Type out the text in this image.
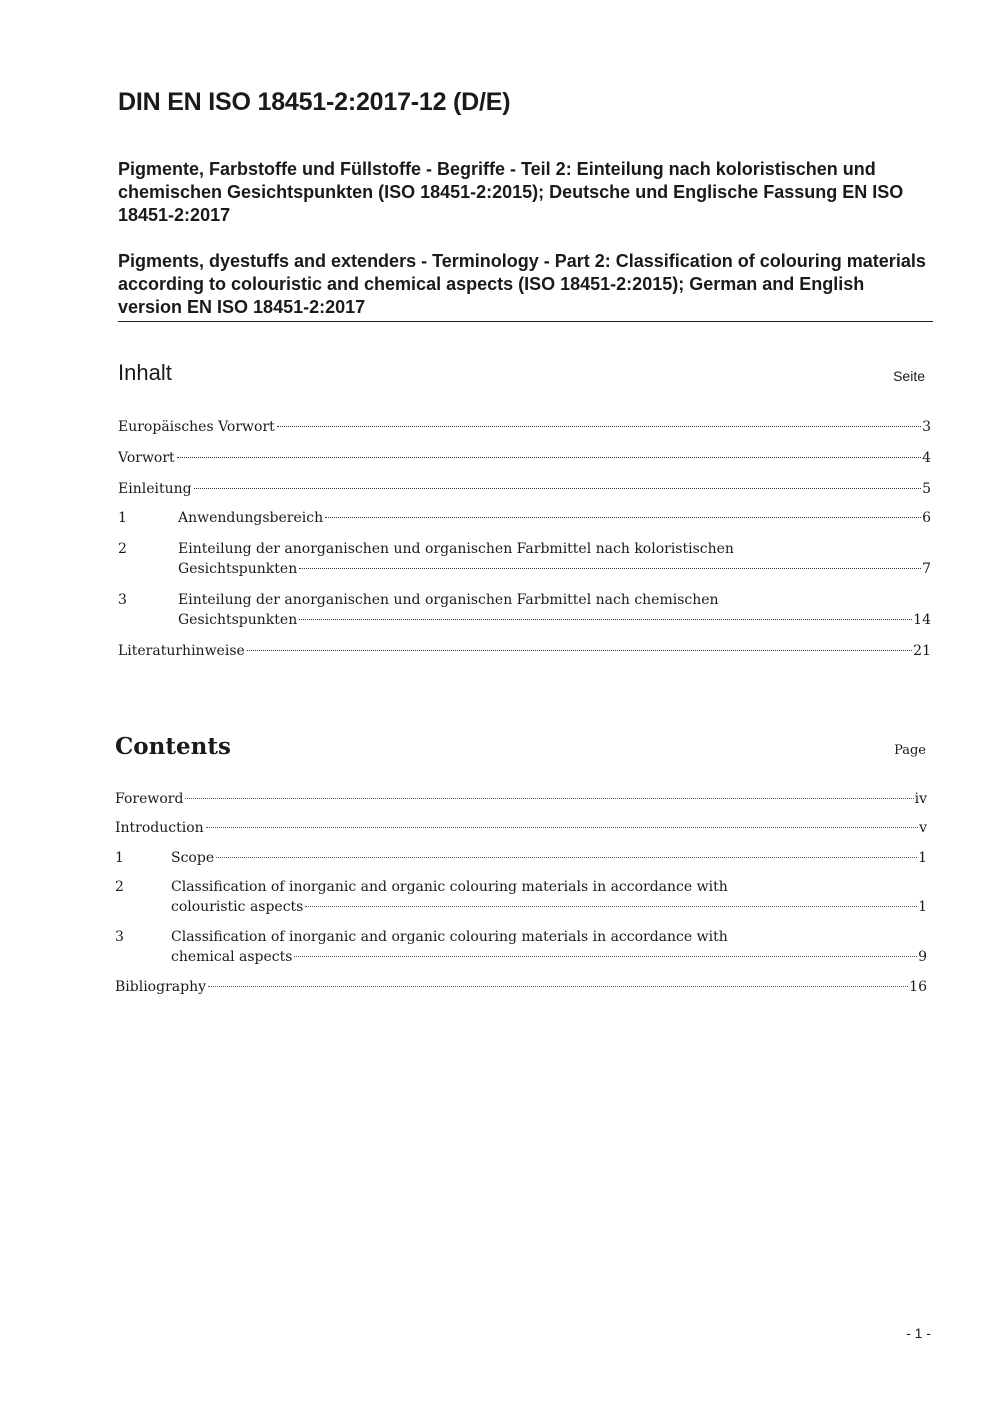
DIN EN ISO 18451-2:2017-12 (D/E)

Pigmente, Farbstoffe und Füllstoffe - Begriffe - Teil 2: Einteilung nach koloristischen und chemischen Gesichtspunkten (ISO 18451-2:2015); Deutsche und Englische Fassung EN ISO 18451-2:2017

Pigments, dyestuffs and extenders - Terminology - Part 2: Classification of colouring materials according to colouristic and chemical aspects (ISO 18451-2:2015); German and English version EN ISO 18451-2:2017

Inhalt	Seite
Europäisches Vorwort	3
Vorwort	4
Einleitung	5
1	Anwendungsbereich	6
2	Einteilung der anorganischen und organischen Farbmittel nach koloristischen
Gesichtspunkten	7
3	Einteilung der anorganischen und organischen Farbmittel nach chemischen
Gesichtspunkten	14
Literaturhinweise	21
Contents	Page
Foreword	iv
Introduction	v
1	Scope	1
2	Classification of inorganic and organic colouring materials in accordance with
colouristic aspects	1
3	Classification of inorganic and organic colouring materials in accordance with
chemical aspects	9
Bibliography	16
- 1 -
